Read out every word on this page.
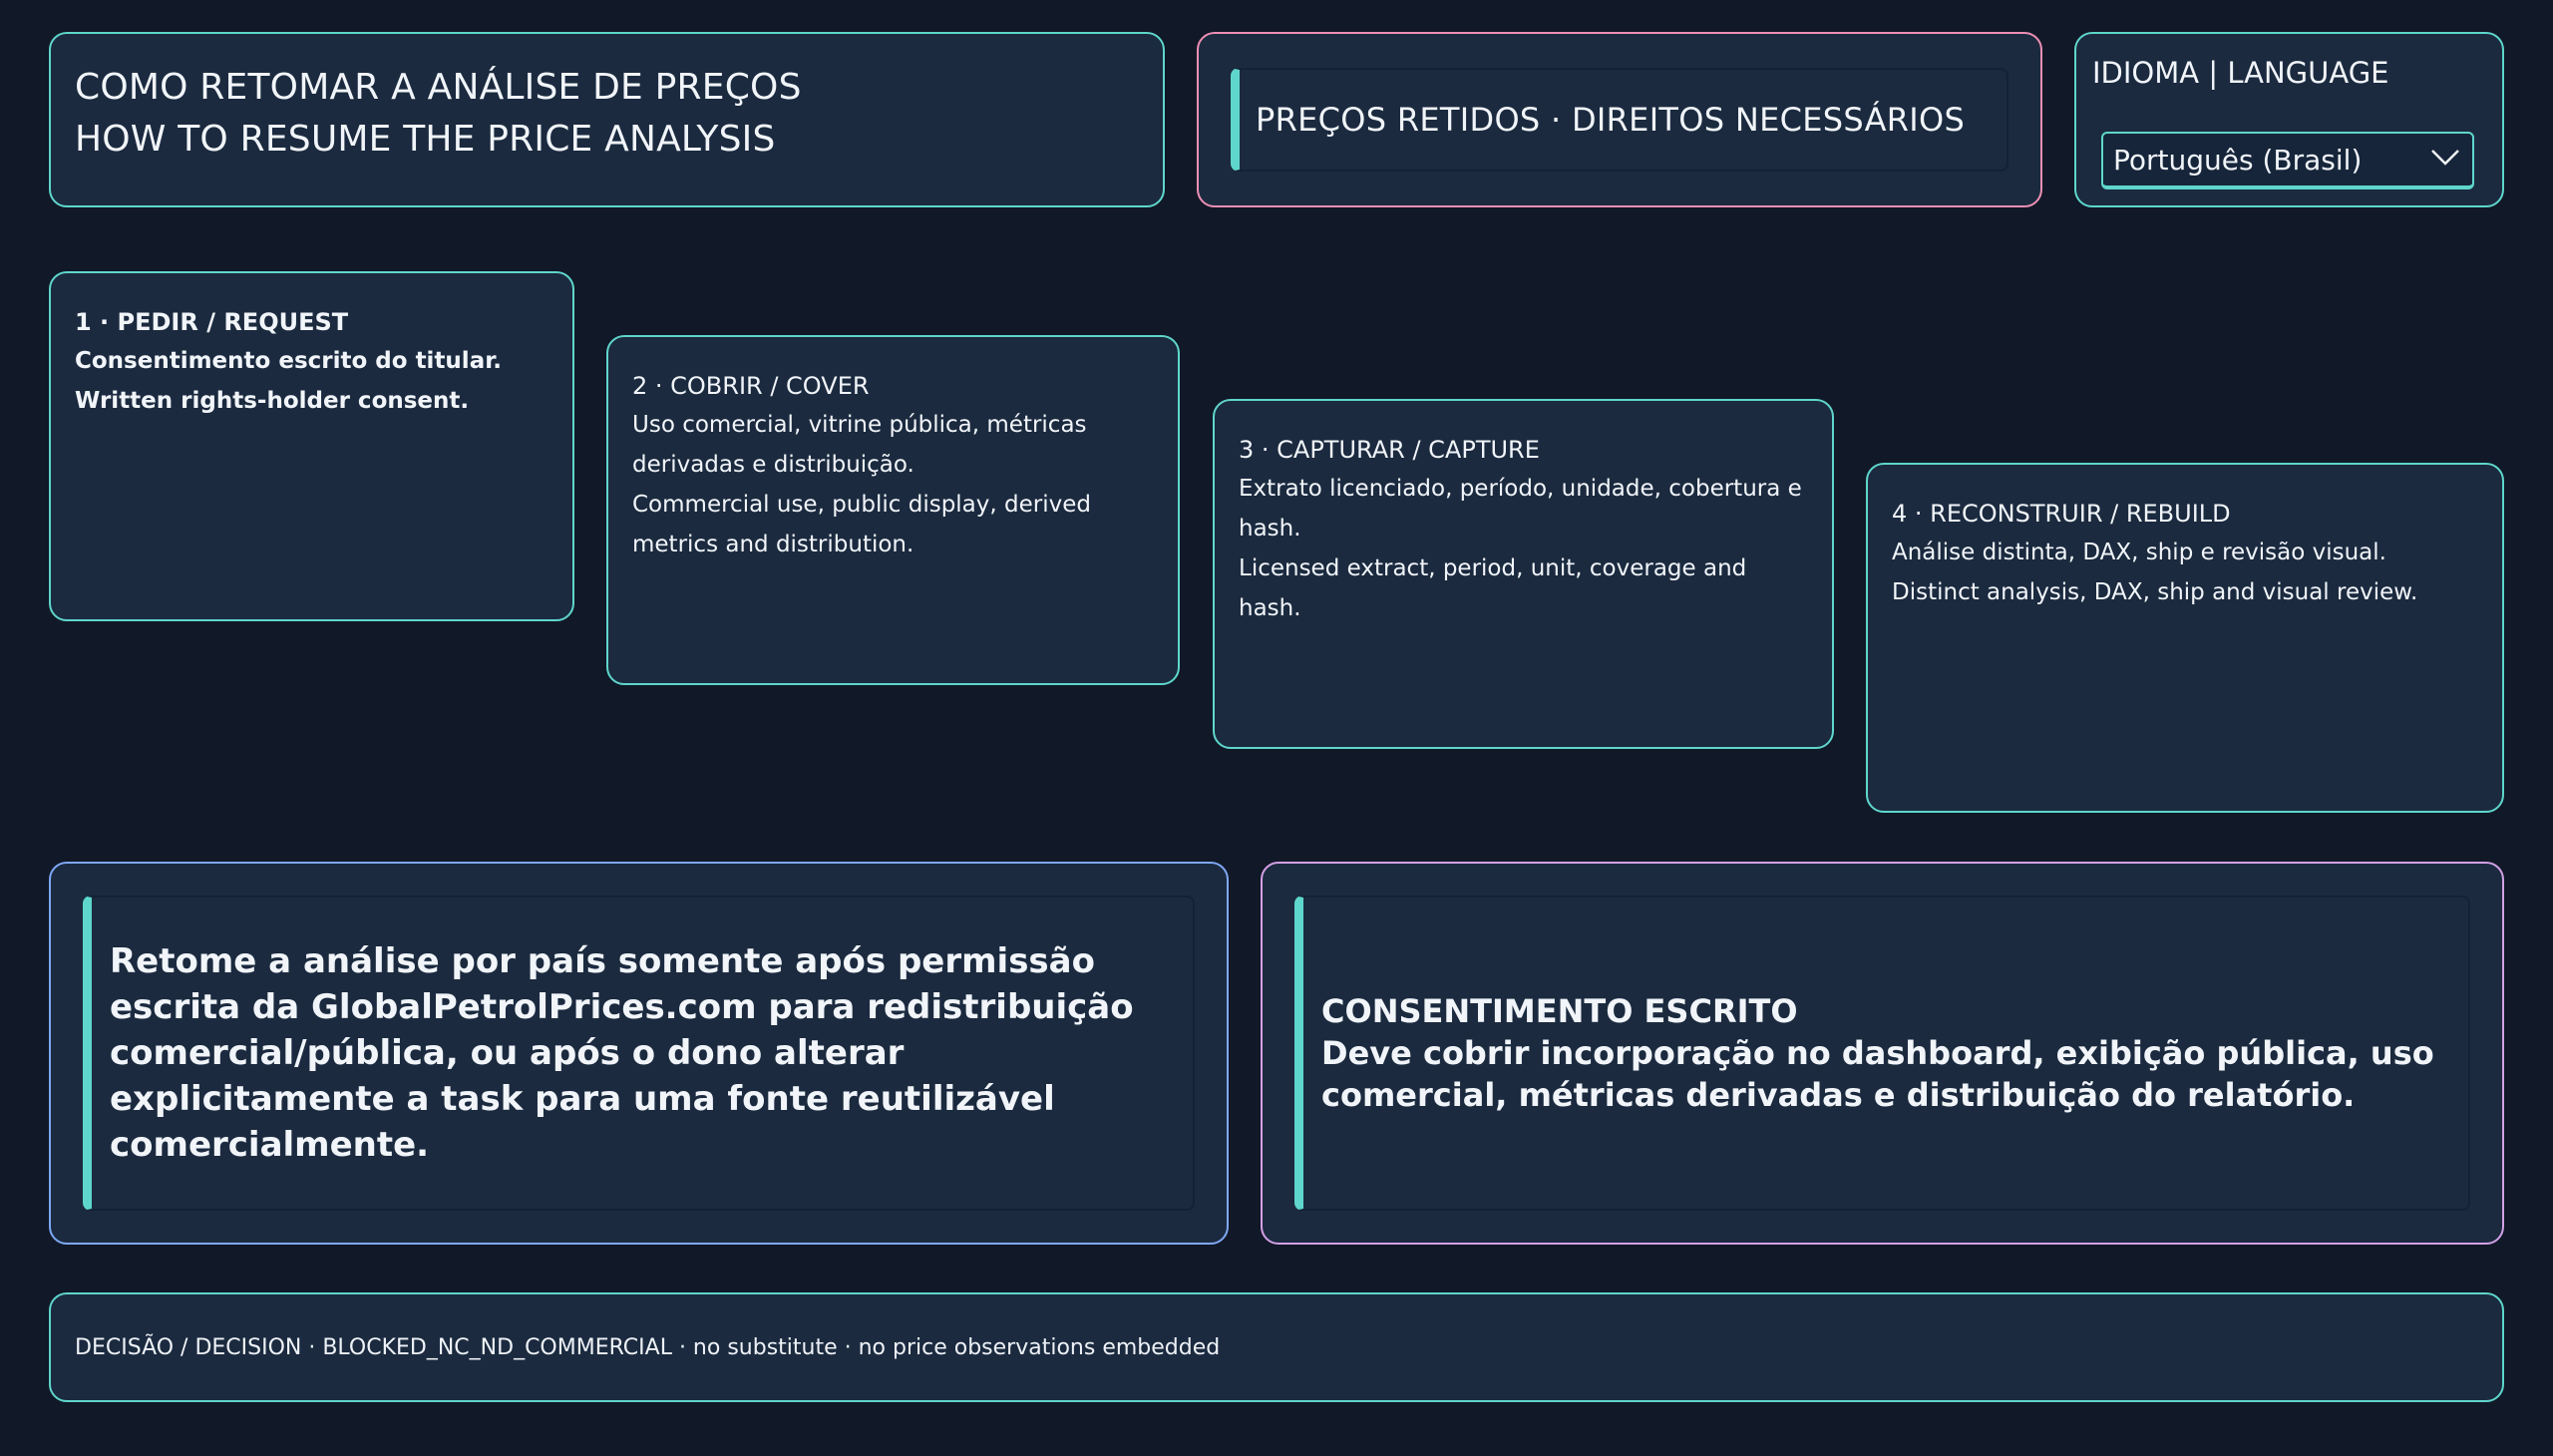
COMO RETOMAR A ANÁLISE DE PREÇOS
HOW TO RESUME THE PRICE ANALYSIS	PREÇOS RETIDOS · DIREITOS NECESSÁRIOS
IDIOMA | LANGUAGE
Português (Brasil)
1 · PEDIR / REQUEST
Consentimento escrito do titular.
Written rights-holder consent.
2 · COBRIR / COVER
Uso comercial, vitrine pública, métricas derivadas e distribuição.
Commercial use, public display, derived metrics and distribution.
3 · CAPTURAR / CAPTURE
Extrato licenciado, período, unidade, cobertura e hash.
Licensed extract, period, unit, coverage and hash.
4 · RECONSTRUIR / REBUILD
Análise distinta, DAX, ship e revisão visual.
Distinct analysis, DAX, ship and visual review.
Retome a análise por país somente após permissão escrita da GlobalPetrolPrices.com para redistribuição comercial/pública, ou após o dono alterar explicitamente a task para uma fonte reutilizável comercialmente.
CONSENTIMENTO ESCRITO
Deve cobrir incorporação no dashboard, exibição pública, uso comercial, métricas derivadas e distribuição do relatório.
DECISÃO / DECISION · BLOCKED_NC_ND_COMMERCIAL · no substitute · no price observations embedded
